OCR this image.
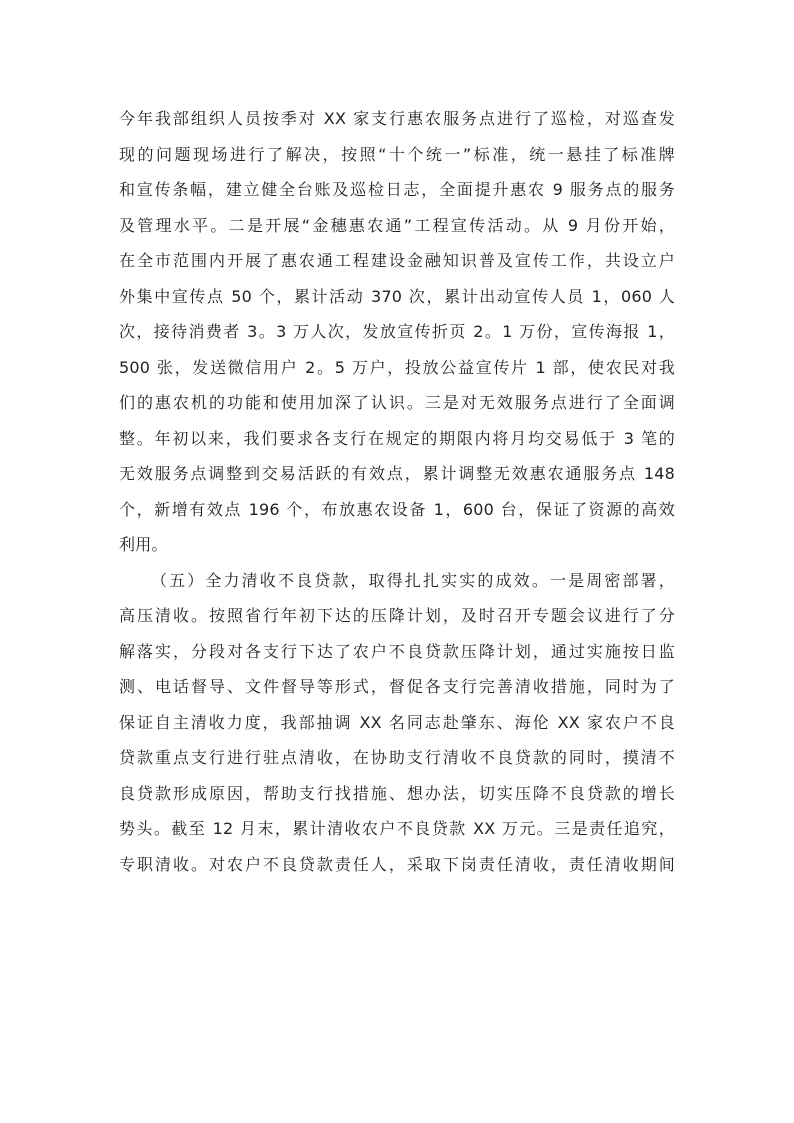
今年我部组织人员按季对 XX 家支行惠农服务点进行了巡检，对巡查发
现的问题现场进行了解决，按照“十个统一”标准，统一悬挂了标准牌
和宣传条幅，建立健全台账及巡检日志，全面提升惠农 9 服务点的服务
及管理水平。二是开展“金穗惠农通”工程宣传活动。从 9 月份开始，
在全市范围内开展了惠农通工程建设金融知识普及宣传工作，共设立户
外集中宣传点 50 个，累计活动 370 次，累计出动宣传人员 1，060 人
次，接待消费者 3。3 万人次，发放宣传折页 2。1 万份，宣传海报 1，
500 张，发送微信用户 2。5 万户，投放公益宣传片 1 部，使农民对我
们的惠农机的功能和使用加深了认识。三是对无效服务点进行了全面调
整。年初以来，我们要求各支行在规定的期限内将月均交易低于 3 笔的
无效服务点调整到交易活跃的有效点，累计调整无效惠农通服务点 148
个，新增有效点 196 个，布放惠农设备 1，600 台，保证了资源的高效
利用。
（五）全力清收不良贷款，取得扎扎实实的成效。一是周密部署，
高压清收。按照省行年初下达的压降计划，及时召开专题会议进行了分
解落实，分段对各支行下达了农户不良贷款压降计划，通过实施按日监
测、电话督导、文件督导等形式，督促各支行完善清收措施，同时为了
保证自主清收力度，我部抽调 XX 名同志赴肇东、海伦 XX 家农户不良
贷款重点支行进行驻点清收，在协助支行清收不良贷款的同时，摸清不
良贷款形成原因，帮助支行找措施、想办法，切实压降不良贷款的增长
势头。截至 12 月末，累计清收农户不良贷款 XX 万元。三是责任追究，
专职清收。对农户不良贷款责任人，采取下岗责任清收，责任清收期间
